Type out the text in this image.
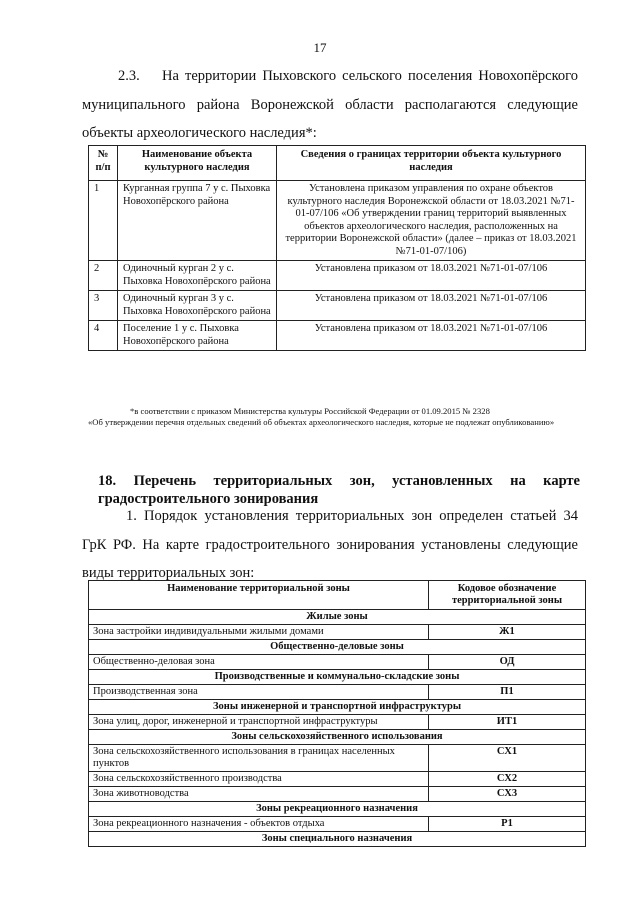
17
2.3. На территории Пыховского сельского поселения Новохопёрского муниципального района Воронежской области располагаются следующие объекты археологического наследия*:
№ п/п	Наименование объекта культурного наследия	Сведения о границах территории объекта культурного наследия
1	Курганная группа 7 у с. Пыховка Новохопёрского района	Установлена приказом управления по охране объектов культурного наследия Воронежской области от 18.03.2021 №71-01-07/106 «Об утверждении границ территорий выявленных объектов археологического наследия, расположенных на территории Воронежской области» (далее – приказ от 18.03.2021 №71-01-07/106)
2	Одиночный курган 2 у с. Пыховка Новохопёрского района	Установлена приказом от 18.03.2021 №71-01-07/106
3	Одиночный курган 3 у с. Пыховка Новохопёрского района	Установлена приказом от 18.03.2021 №71-01-07/106
4	Поселение 1 у с. Пыховка Новохопёрского района	Установлена приказом от 18.03.2021 №71-01-07/106
*в соответствии с приказом Министерства культуры Российской Федерации от 01.09.2015 № 2328
«Об утверждении перечня отдельных сведений об объектах археологического наследия, которые не подлежат опубликованию»
18. Перечень территориальных зон, установленных на карте градостроительного зонирования
1. Порядок установления территориальных зон определен статьей 34 ГрК РФ. На карте градостроительного зонирования установлены следующие виды территориальных зон:
Наименование территориальной зоны	Кодовое обозначение территориальной зоны
Жилые зоны	
Зона застройки индивидуальными жилыми домами	Ж1
Общественно-деловые зоны	
Общественно-деловая зона	ОД
Производственные и коммунально-складские зоны	
Производственная зона	П1
Зоны инженерной и транспортной инфраструктуры	
Зона улиц, дорог, инженерной и транспортной инфраструктуры	ИТ1
Зоны сельскохозяйственного использования	
Зона сельскохозяйственного использования в границах населенных пунктов	СХ1
Зона сельскохозяйственного производства	СХ2
Зона животноводства	СХ3
Зоны рекреационного назначения	
Зона рекреационного назначения - объектов отдыха	Р1
Зоны специального назначения	
